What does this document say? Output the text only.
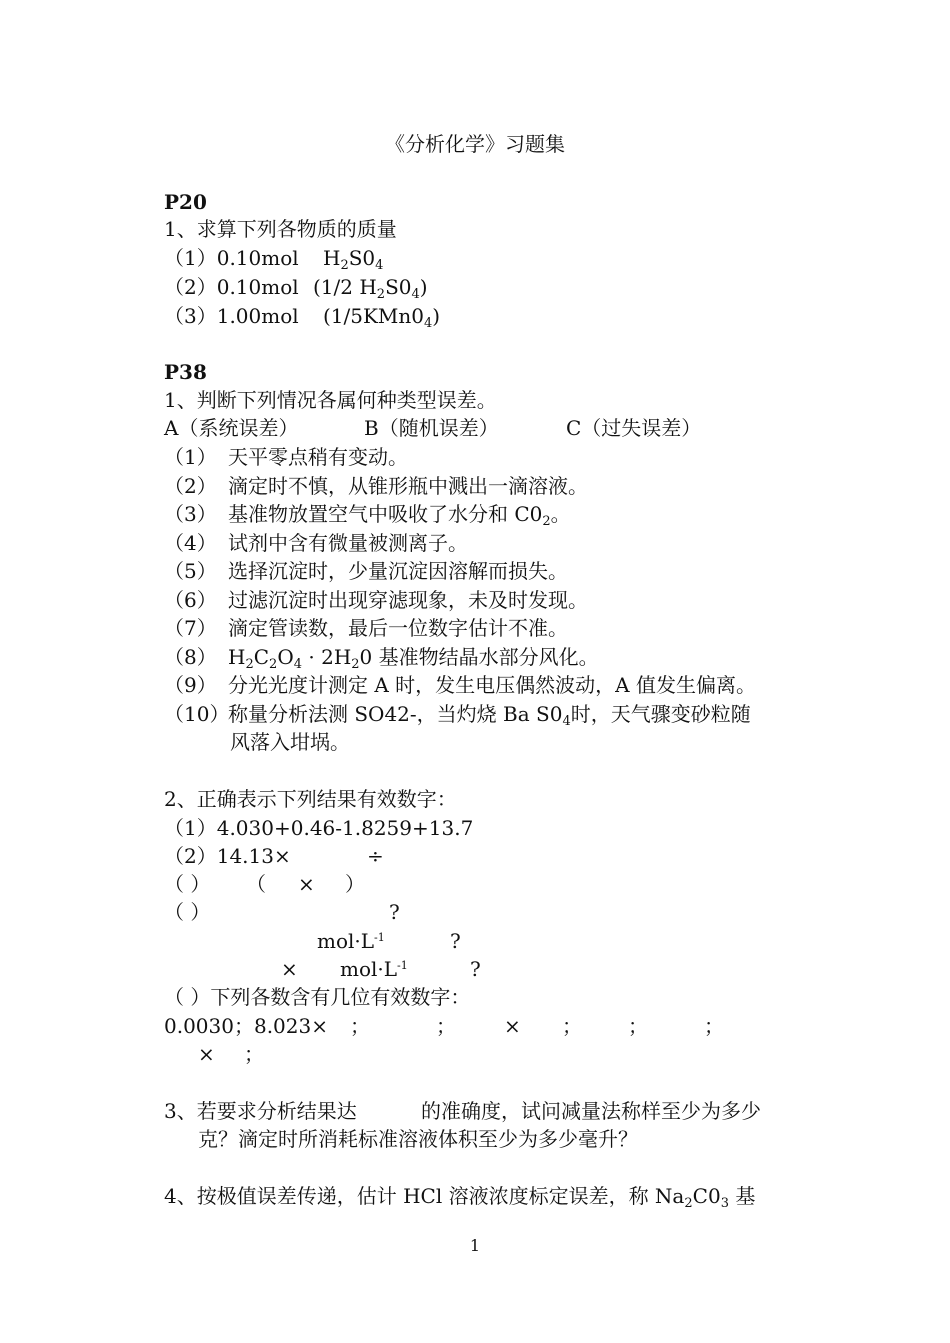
《分析化学》习题集
P20
1、求算下列各物质的质量
（1）0.10mol $H_2S0_4$
（2）0.10mol (1/2 $H_2S0_4$)
（3）1.00mol $(1/5KMn0_4)$
P38
1、判断下列情况各属何种类型误差。
A（系统误差）	B（随机误差）	C（过失误差）
（1） 天平零点稍有变动。
（2） 滴定时不慎，从锥形瓶中溅出一滴溶液。
（3） 基准物放置空气中吸收了水分和 $C0_2$。
（4） 试剂中含有微量被测离子。
（5） 选择沉淀时，少量沉淀因溶解而损失。
（6） 过滤沉淀时出现穿滤现象，未及时发现。
（7） 滴定管读数，最后一位数字估计不准。
（8） $H_2C_2O_4 \cdot 2H_20$ 基准物结晶水部分风化。
（9） 分光光度计测定 A 时，发生电压偶然波动，A 值发生偏离。
（10）称量分析法测 SO42-，当灼烧 Ba $S0_4$时，天气骤变砂粒随
风落入坩埚。
2、正确表示下列结果有效数字：
（1）4.030+0.46-1.8259+13.7
（2）14.13×	÷
（ ） （ × ）
（ ）	?
$mol\cdot L^{-1}$	?
× $mol\cdot L^{-1}$	?
（ ）下列各数含有几位有效数字：
0.0030；8.023× ；	； × ； ；	；
× ；
3、若要求分析结果达	的准确度，试问减量法称样至少为多少
克？滴定时所消耗标准溶液体积至少为多少毫升？
4、按极值误差传递，估计 HCl 溶液浓度标定误差，称 $Na_2C0_3$ 基
1
